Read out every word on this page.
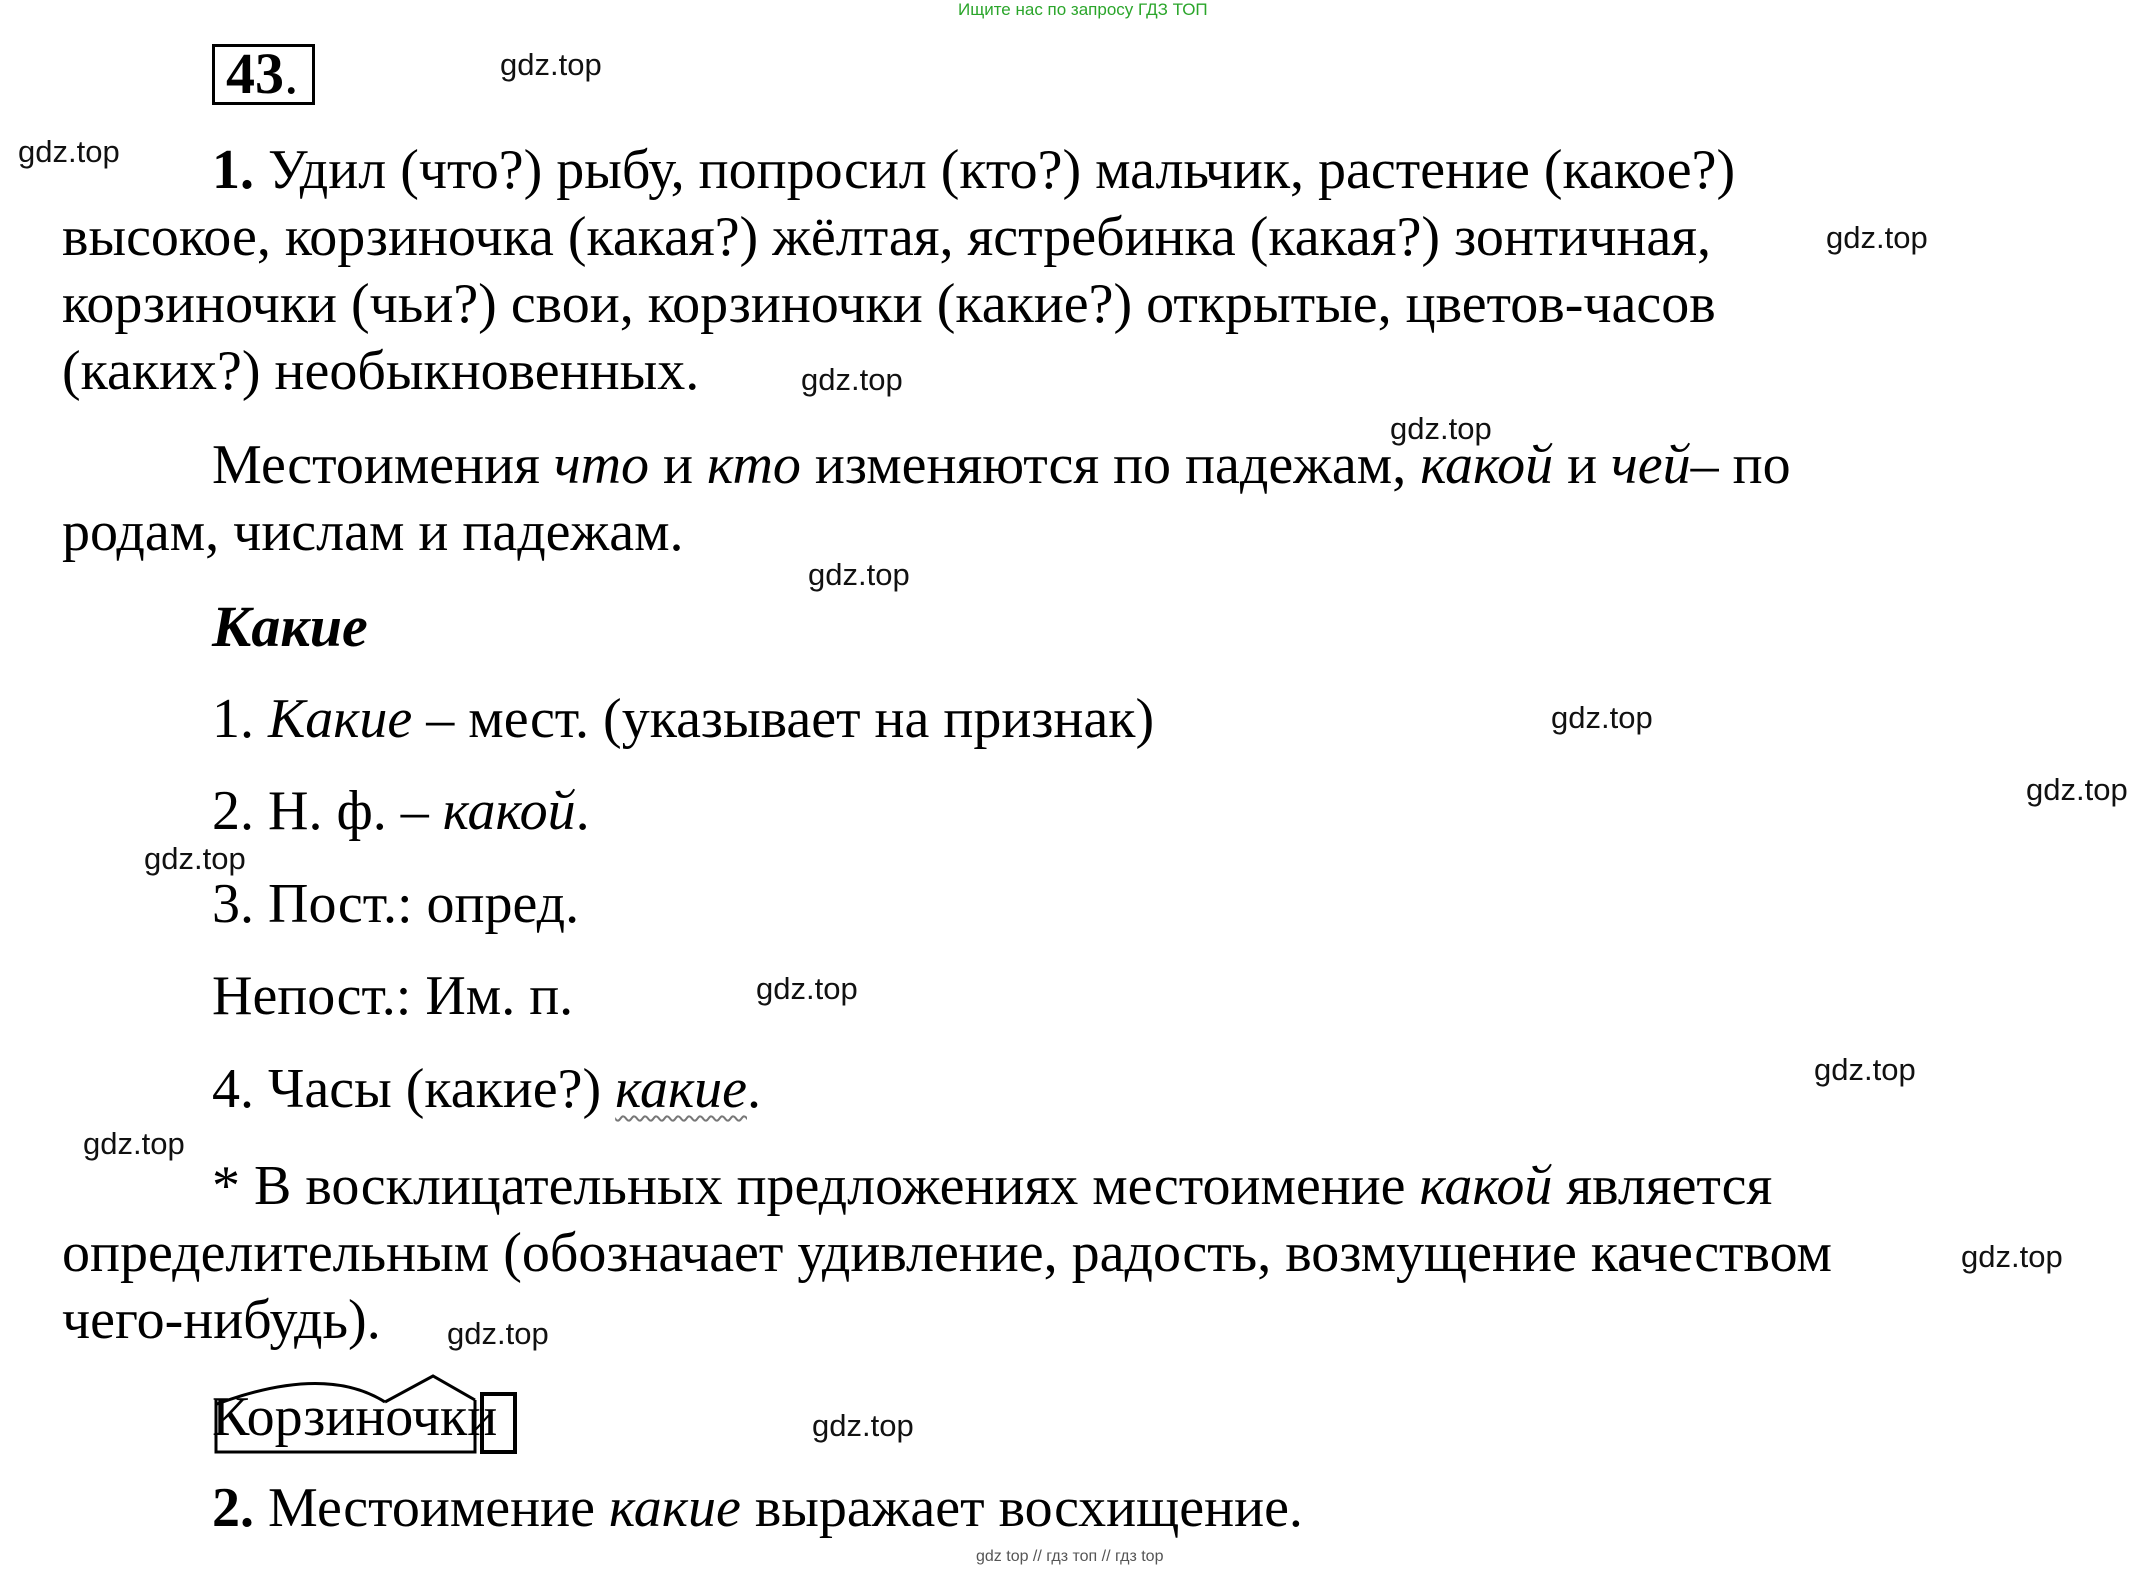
Ищите нас по запросу ГДЗ ТОП
43.
1. Удил (что?) рыбу, попросил (кто?) мальчик, растение (какое?)
высокое, корзиночка (какая?) жёлтая, ястребинка (какая?) зонтичная,
корзиночки (чьи?) свои, корзиночки (какие?) открытые, цветов-часов
(каких?) необыкновенных.
Местоимения что и кто изменяются по падежам, какой и чей– по
родам, числам и падежам.
Какие
1. Какие – мест. (указывает на признак)
2. Н. ф. – какой.
3. Пост.: опред.
Непост.: Им. п.
4. Часы (какие?) какие.
* В восклицательных предложениях местоимение какой является
определительным (обозначает удивление, радость, возмущение качеством
чего-нибудь).
Корзиночки
2. Местоимение какие выражает восхищение.
gdz.top
gdz.top
gdz.top
gdz.top
gdz.top
gdz.top
gdz.top
gdz.top
gdz.top
gdz.top
gdz.top
gdz.top
gdz.top
gdz.top
gdz.top
gdz top // гдз топ // гдз top
